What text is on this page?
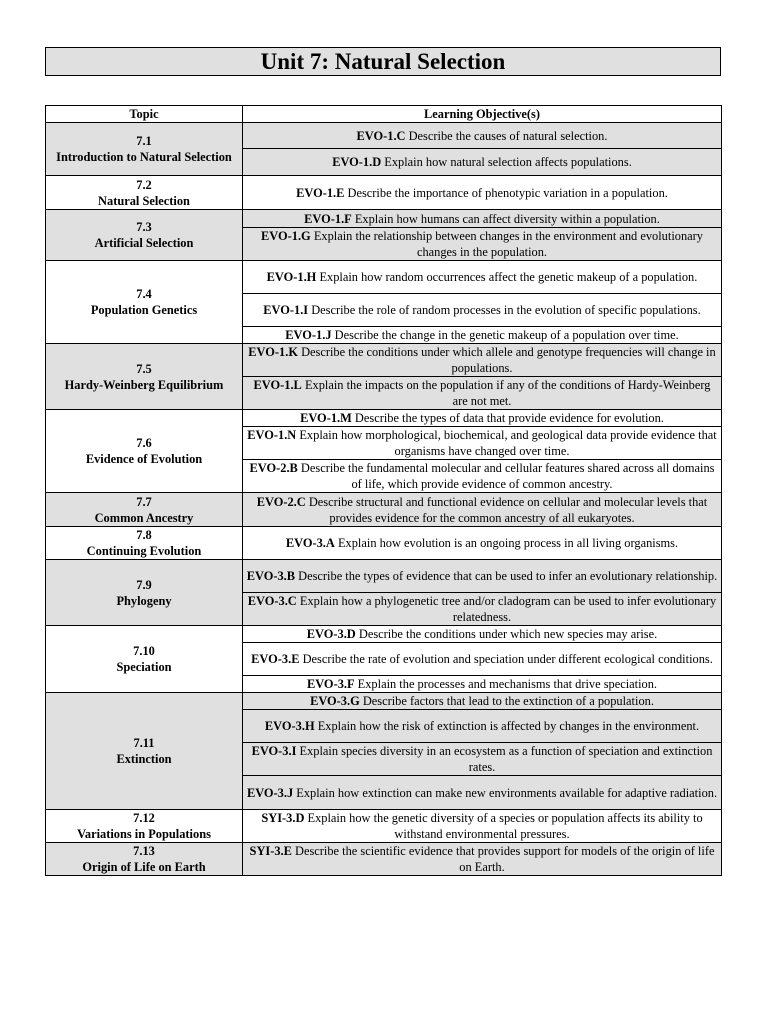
Unit 7: Natural Selection
Topic	Learning Objective(s)

7.1
Introduction to Natural Selection	EVO-1.C Describe the causes of natural selection.
	EVO-1.D Explain how natural selection affects populations.

7.2
Natural Selection	EVO-1.E Describe the importance of phenotypic variation in a population.

7.3
Artificial Selection	EVO-1.F Explain how humans can affect diversity within a population.
	EVO-1.G Explain the relationship between changes in the environment and evolutionary changes in the population.

7.4
Population Genetics	EVO-1.H Explain how random occurrences affect the genetic makeup of a population.
	EVO-1.I Describe the role of random processes in the evolution of specific populations.
	EVO-1.J Describe the change in the genetic makeup of a population over time.

7.5
Hardy-Weinberg Equilibrium	EVO-1.K Describe the conditions under which allele and genotype frequencies will change in populations.
	EVO-1.L Explain the impacts on the population if any of the conditions of Hardy-Weinberg are not met.

7.6
Evidence of Evolution	EVO-1.M Describe the types of data that provide evidence for evolution.
	EVO-1.N Explain how morphological, biochemical, and geological data provide evidence that organisms have changed over time.
	EVO-2.B Describe the fundamental molecular and cellular features shared across all domains of life, which provide evidence of common ancestry.

7.7
Common Ancestry	EVO-2.C Describe structural and functional evidence on cellular and molecular levels that provides evidence for the common ancestry of all eukaryotes.

7.8
Continuing Evolution	EVO-3.A Explain how evolution is an ongoing process in all living organisms.

7.9
Phylogeny	EVO-3.B Describe the types of evidence that can be used to infer an evolutionary relationship.
	EVO-3.C Explain how a phylogenetic tree and/or cladogram can be used to infer evolutionary relatedness.

7.10
Speciation	EVO-3.D Describe the conditions under which new species may arise.
	EVO-3.E Describe the rate of evolution and speciation under different ecological conditions.
	EVO-3.F Explain the processes and mechanisms that drive speciation.

7.11
Extinction	EVO-3.G Describe factors that lead to the extinction of a population.
	EVO-3.H Explain how the risk of extinction is affected by changes in the environment.
	EVO-3.I Explain species diversity in an ecosystem as a function of speciation and extinction rates.
	EVO-3.J Explain how extinction can make new environments available for adaptive radiation.

7.12
Variations in Populations	SYI-3.D Explain how the genetic diversity of a species or population affects its ability to withstand environmental pressures.

7.13
Origin of Life on Earth	SYI-3.E Describe the scientific evidence that provides support for models of the origin of life on Earth.
